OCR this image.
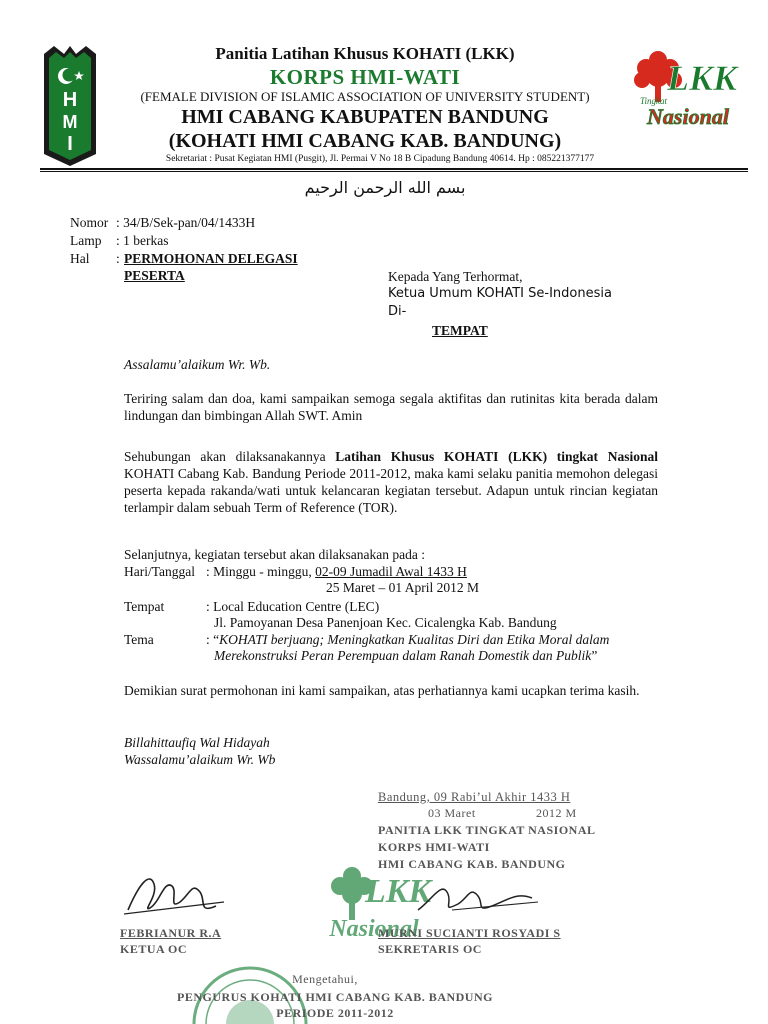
H
M
I
LKK
Tingkat
Nasional
Panitia Latihan Khusus KOHATI (LKK)
KORPS HMI-WATI
(FEMALE DIVISION OF ISLAMIC ASSOCIATION OF UNIVERSITY STUDENT)
HMI CABANG KABUPATEN BANDUNG
(KOHATI HMI CABANG KAB. BANDUNG)
Sekretariat : Pusat Kegiatan HMI (Pusgit), Jl. Permai V No 18 B Cipadung Bandung 40614. Hp : 085221377177
بسم الله الرحمن الرحيم
Nomor : 34/B/Sek-pan/04/1433H
Lamp : 1 berkas
Hal : PERMOHONAN DELEGASI
PESERTA	Kepada Yang Terhormat,
Ketua Umum KOHATI Se-Indonesia
Di-
TEMPAT
Assalamu’alaikum Wr. Wb.
Teriring salam dan doa, kami sampaikan semoga segala aktifitas dan rutinitas kita berada dalam lindungan dan bimbingan Allah SWT. Amin
Sehubungan akan dilaksanakannya Latihan Khusus KOHATI (LKK) tingkat Nasional KOHATI Cabang Kab. Bandung Periode 2011-2012, maka kami selaku panitia memohon delegasi peserta kepada rakanda/wati untuk kelancaran kegiatan tersebut. Adapun untuk rincian kegiatan terlampir dalam sebuah Term of Reference (TOR).
Selanjutnya, kegiatan tersebut akan dilaksanakan pada :
Hari/Tanggal : Minggu - minggu, 02-09 Jumadil Awal 1433 H
25 Maret – 01 April 2012 M
Tempat	: Local Education Centre (LEC)
Jl. Pamoyanan Desa Panenjoan Kec. Cicalengka Kab. Bandung
Tema	: “KOHATI berjuang; Meningkatkan Kualitas Diri dan Etika Moral dalam
Merekonstruksi Peran Perempuan dalam Ranah Domestik dan Publik”
Demikian surat permohonan ini kami sampaikan, atas perhatiannya kami ucapkan terima kasih.
Billahittaufiq Wal Hidayah
Wassalamu’alaikum Wr. Wb
Bandung, 09 Rabi’ul Akhir 1433 H
03 Maret	2012 M
PANITIA LKK TINGKAT NASIONAL
KORPS HMI-WATI
HMI CABANG KAB. BANDUNG
LKK
Nasional
FEBRIANUR R.A
KETUA OC
MURNI SUCIANTI ROSYADI S
SEKRETARIS OC
Mengetahui,
PENGURUS KOHATI HMI CABANG KAB. BANDUNG
PERIODE 2011-2012
